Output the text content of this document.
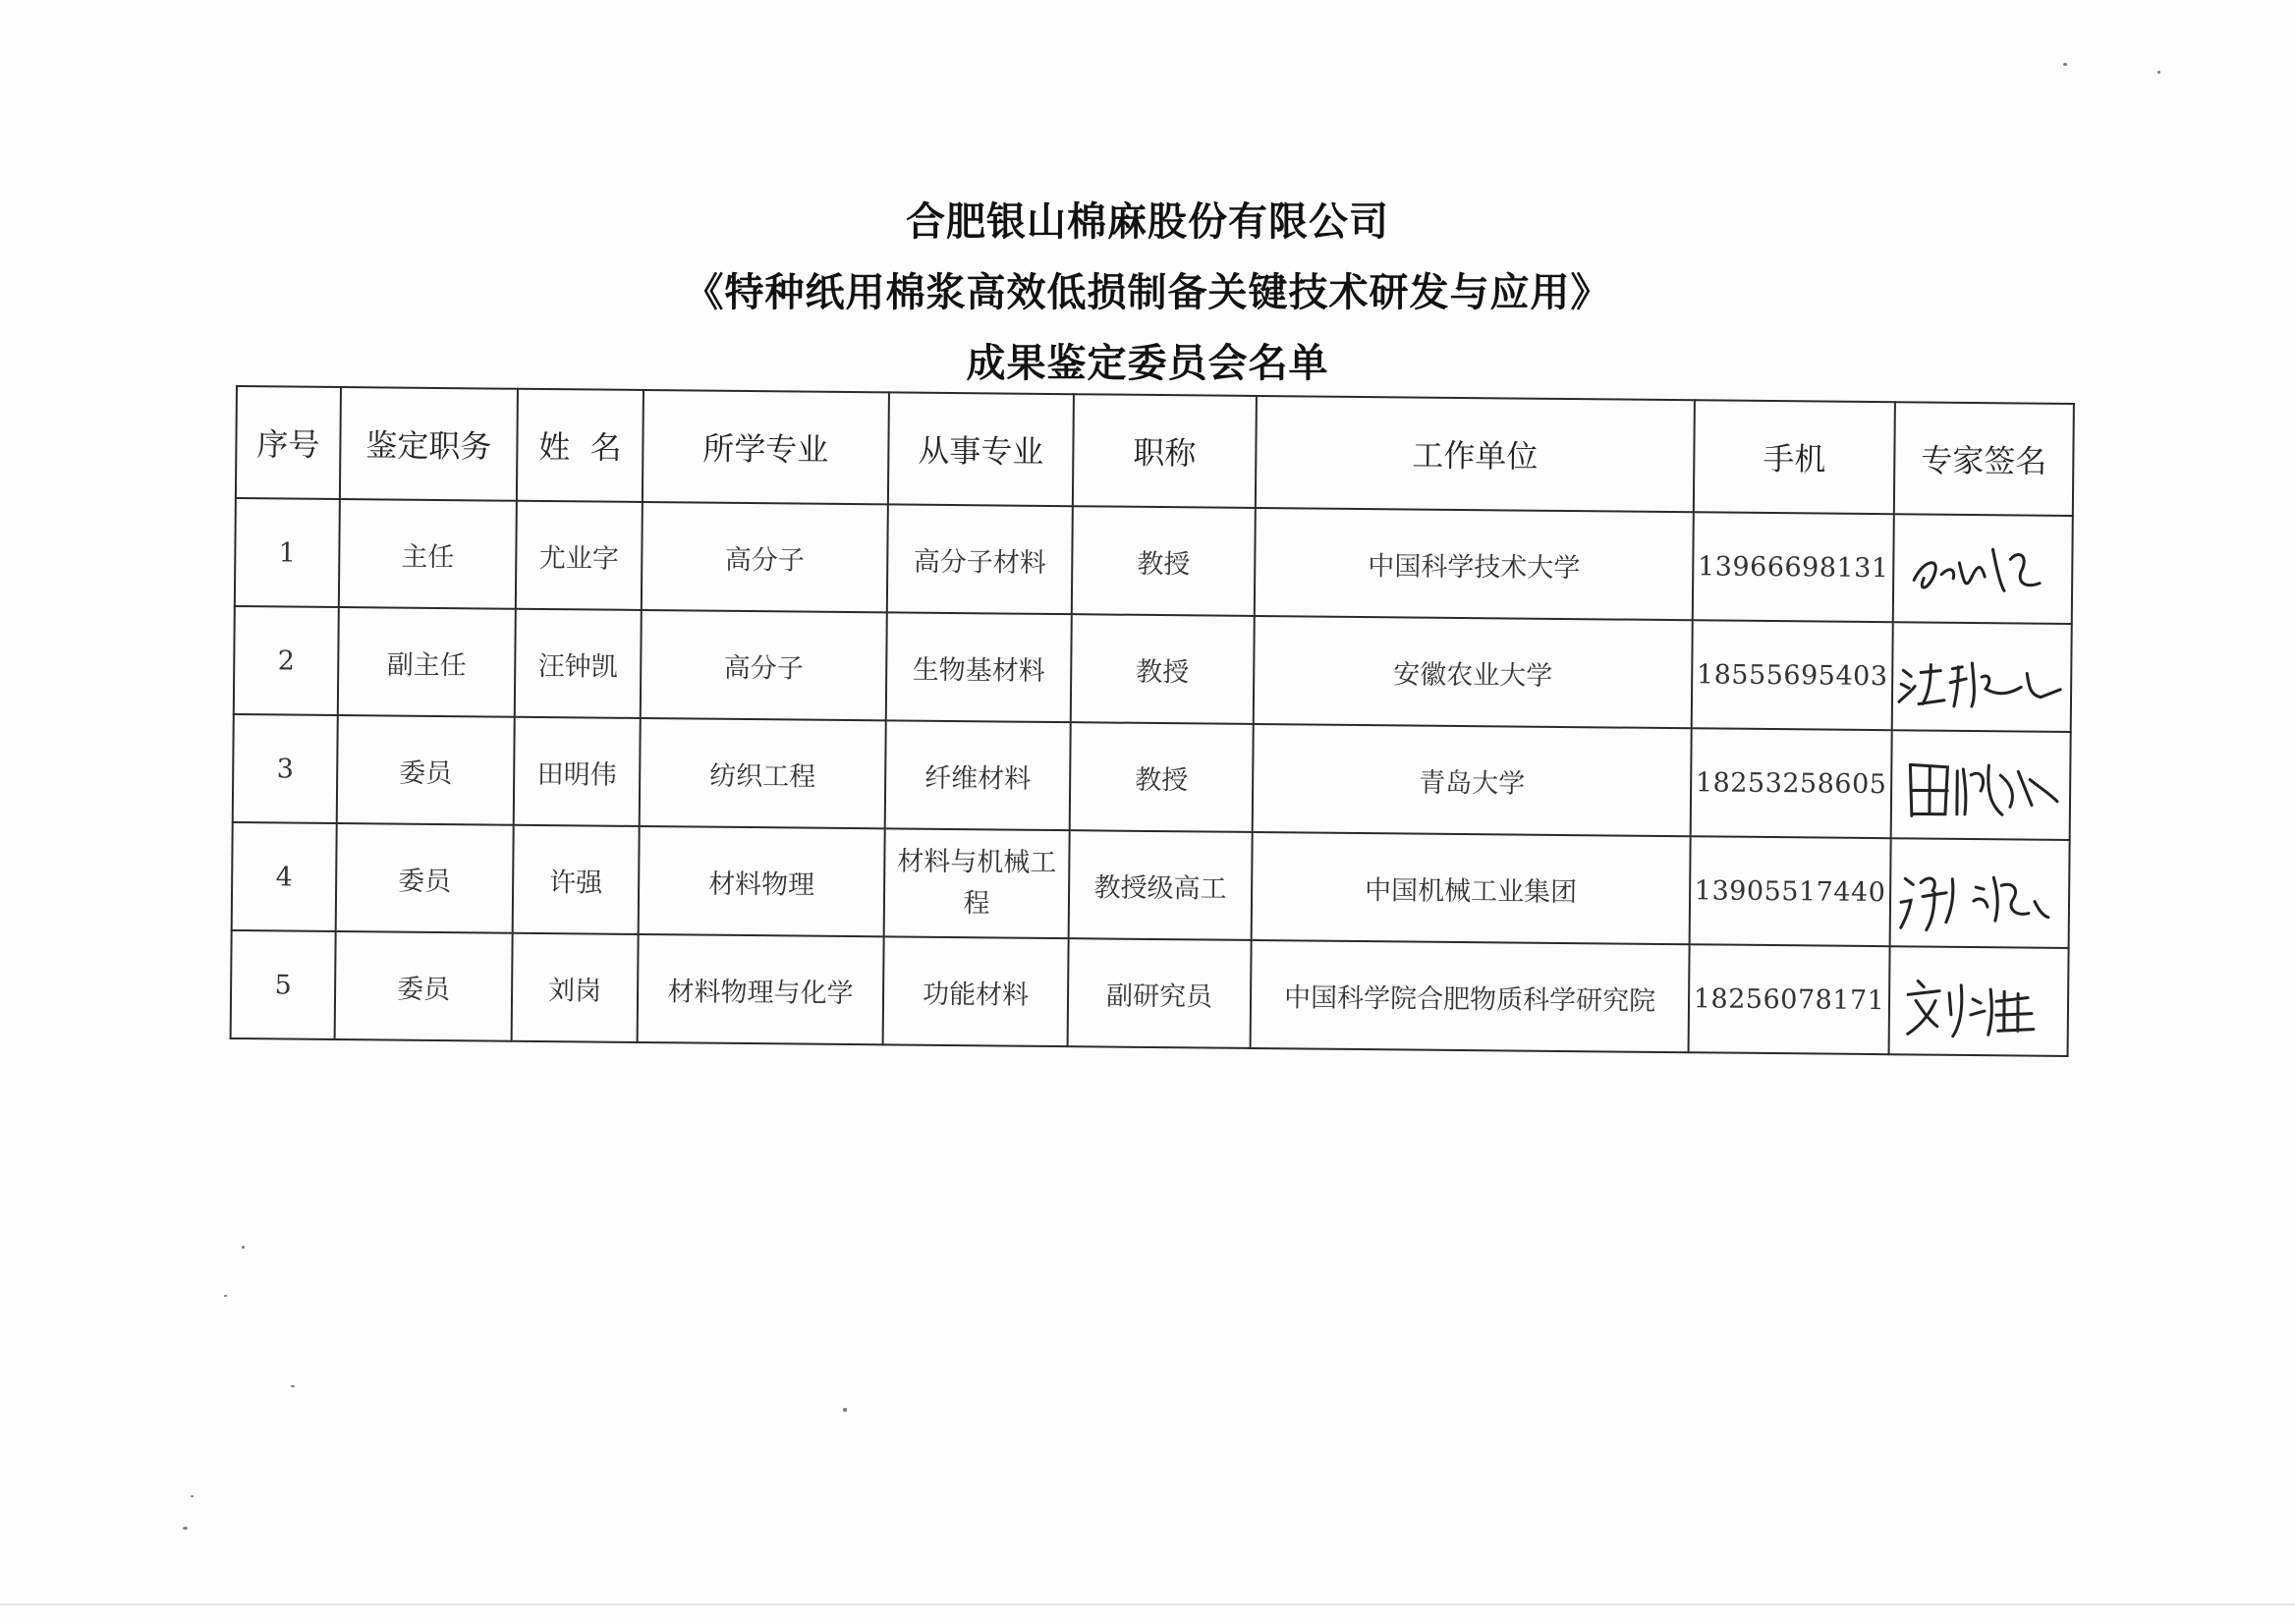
合肥银山棉麻股份有限公司
《特种纸用棉浆高效低损制备关键技术研发与应用》
成果鉴定委员会名单
序号	鉴定职务	姓  名	所学专业	从事专业	职称	工作单位	手机	专家签名
1	主任	尤业字	高分子	高分子材料	教授	中国科学技术大学	13966698131	

2	副主任	汪钟凯	高分子	生物基材料	教授	安徽农业大学	18555695403	

3	委员	田明伟	纺织工程	纤维材料	教授	青岛大学	18253258605	

4	委员	许强	材料物理	材料与机械工程	教授级高工	中国机械工业集团	13905517440	

5	委员	刘岗	材料物理与化学	功能材料	副研究员	中国科学院合肥物质科学研究院	18256078171	
